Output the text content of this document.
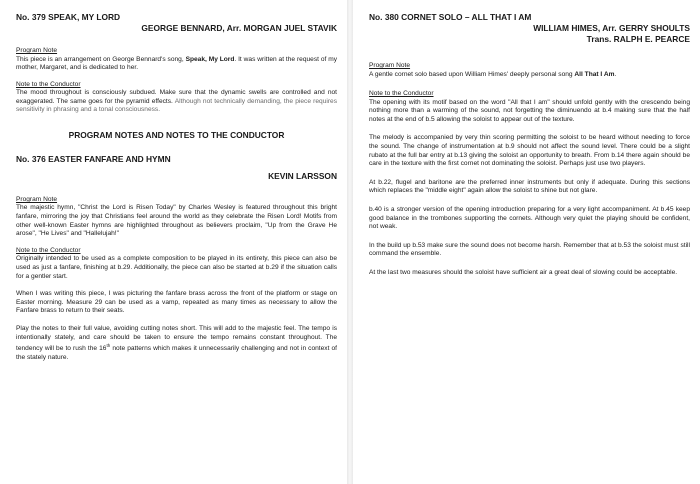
No. 379 SPEAK, MY LORD
GEORGE BENNARD, Arr. MORGAN JUEL STAVIK
Program Note

This piece is an arrangement on George Bennard's song, Speak, My Lord. It was written at the request of my mother, Margaret, and is dedicated to her.

Note to the Conductor

The mood throughout is consciously subdued. Make sure that the dynamic swells are controlled and not exaggerated. The same goes for the pyramid effects. Although not technically demanding, the piece requires sensitivity in phrasing and a tonal consciousness.

PROGRAM NOTES AND NOTES TO THE CONDUCTOR
No. 376 EASTER FANFARE AND HYMN
KEVIN LARSSON
Program Note

The majestic hymn, "Christ the Lord is Risen Today" by Charles Wesley is featured throughout this bright fanfare, mirroring the joy that Christians feel around the world as they celebrate the Risen Lord! Motifs from other well-known Easter hymns are highlighted throughout as believers proclaim, "Up from the Grave He arose", "He Lives" and "Hallelujah!"

Note to the Conductor

Originally intended to be used as a complete composition to be played in its entirety, this piece can also be used as just a fanfare, finishing at b.29. Additionally, the piece can also be started at b.29 if the situation calls for a gentler start.

When I was writing this piece, I was picturing the fanfare brass across the front of the platform or stage on Easter morning. Measure 29 can be used as a vamp, repeated as many times as necessary to allow the Fanfare brass to return to their seats.

Play the notes to their full value, avoiding cutting notes short. This will add to the majestic feel. The tempo is intentionally stately, and care should be taken to ensure the tempo remains constant throughout. The tendency will be to rush the 16th note patterns which makes it unnecessarily challenging and not in context of the stately nature.

No. 380 CORNET SOLO – ALL THAT I AM
WILLIAM HIMES, Arr. GERRY SHOULTS
Trans. RALPH E. PEARCE
Program Note

A gentle cornet solo based upon William Himes' deeply personal song All That I Am.

Note to the Conductor

The opening with its motif based on the word "All that I am" should unfold gently with the crescendo being nothing more than a warming of the sound, not forgetting the diminuendo at b.4 making sure that the half notes at the end of b.5 allowing the soloist to appear out of the texture.

The melody is accompanied by very thin scoring permitting the soloist to be heard without needing to force the sound. The change of instrumentation at b.9 should not affect the sound level. There could be a slight rubato at the full bar entry at b.13 giving the soloist an opportunity to breath. From b.14 there again should be care in the texture with the first cornet not dominating the soloist. Perhaps just use two players.

At b.22, flugel and baritone are the preferred inner instruments but only if adequate. During this sections which replaces the "middle eight" again allow the soloist to shine but not glare.

b.40 is a stronger version of the opening introduction preparing for a very light accompaniment. At b.45 keep good balance in the trombones supporting the cornets. Although very quiet the playing should be confident, not weak.

In the build up b.53 make sure the sound does not become harsh. Remember that at b.53 the soloist must still command the ensemble.

At the last two measures should the soloist have sufficient air a great deal of slowing could be acceptable.
